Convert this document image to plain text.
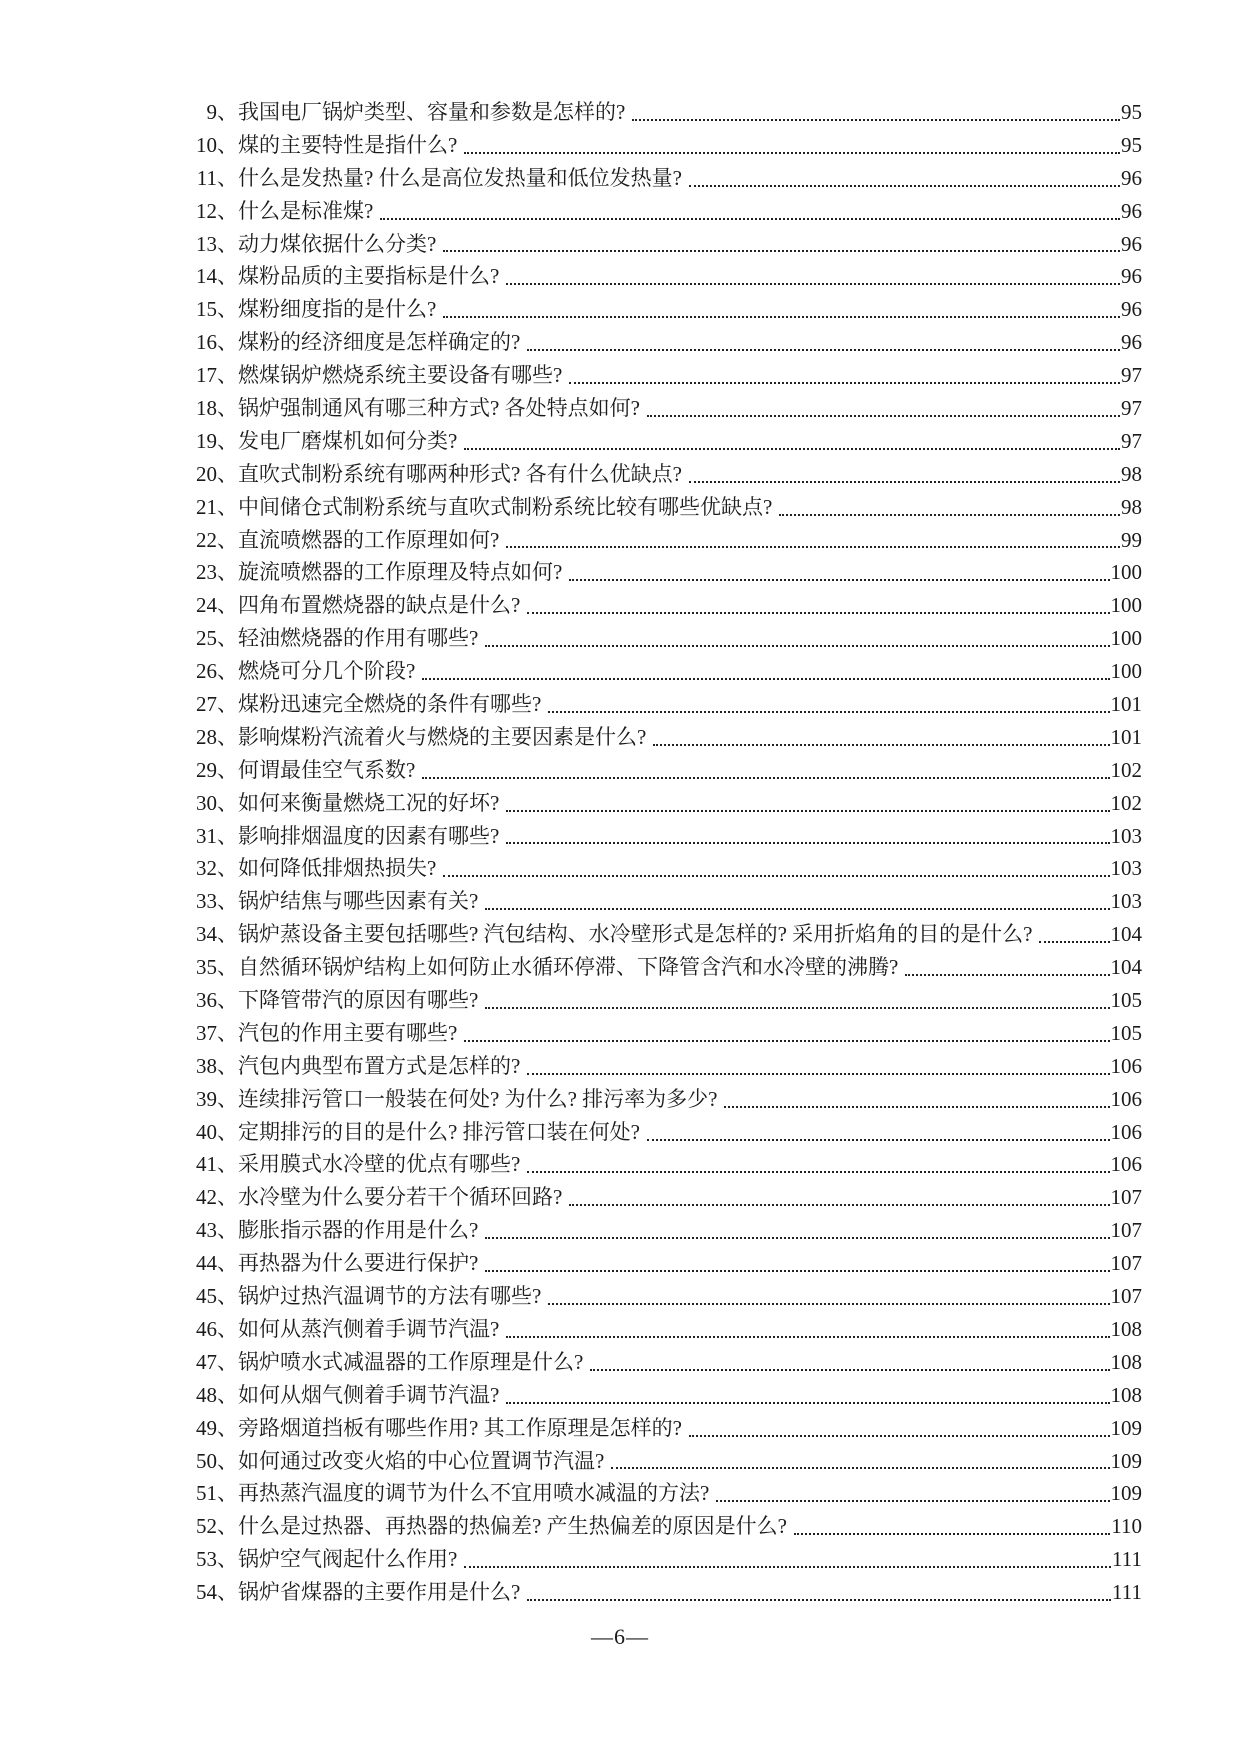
9、 我国电厂锅炉类型、容量和参数是怎样的?	95
10、 煤的主要特性是指什么?	95
11、 什么是发热量? 什么是高位发热量和低位发热量?	96
12、 什么是标准煤?	96
13、 动力煤依据什么分类?	96
14、 煤粉品质的主要指标是什么?	96
15、 煤粉细度指的是什么?	96
16、 煤粉的经济细度是怎样确定的?	96
17、 燃煤锅炉燃烧系统主要设备有哪些?	97
18、 锅炉强制通风有哪三种方式? 各处特点如何?	97
19、 发电厂磨煤机如何分类?	97
20、 直吹式制粉系统有哪两种形式? 各有什么优缺点?	98
21、 中间储仓式制粉系统与直吹式制粉系统比较有哪些优缺点?	98
22、 直流喷燃器的工作原理如何?	99
23、 旋流喷燃器的工作原理及特点如何?	100
24、 四角布置燃烧器的缺点是什么?	100
25、 轻油燃烧器的作用有哪些?	100
26、 燃烧可分几个阶段?	100
27、 煤粉迅速完全燃烧的条件有哪些?	101
28、 影响煤粉汽流着火与燃烧的主要因素是什么?	101
29、 何谓最佳空气系数?	102
30、 如何来衡量燃烧工况的好坏?	102
31、 影响排烟温度的因素有哪些?	103
32、 如何降低排烟热损失?	103
33、 锅炉结焦与哪些因素有关?	103
34、 锅炉蒸设备主要包括哪些? 汽包结构、水冷壁形式是怎样的? 采用折焰角的目的是什么?	104
35、 自然循环锅炉结构上如何防止水循环停滞、下降管含汽和水冷壁的沸腾?	104
36、 下降管带汽的原因有哪些?	105
37、 汽包的作用主要有哪些?	105
38、 汽包内典型布置方式是怎样的?	106
39、 连续排污管口一般装在何处? 为什么? 排污率为多少?	106
40、 定期排污的目的是什么? 排污管口装在何处?	106
41、 采用膜式水冷壁的优点有哪些?	106
42、 水冷壁为什么要分若干个循环回路?	107
43、 膨胀指示器的作用是什么?	107
44、 再热器为什么要进行保护?	107
45、 锅炉过热汽温调节的方法有哪些?	107
46、 如何从蒸汽侧着手调节汽温?	108
47、 锅炉喷水式减温器的工作原理是什么?	108
48、 如何从烟气侧着手调节汽温?	108
49、 旁路烟道挡板有哪些作用? 其工作原理是怎样的?	109
50、 如何通过改变火焰的中心位置调节汽温?	109
51、 再热蒸汽温度的调节为什么不宜用喷水减温的方法?	109
52、 什么是过热器、再热器的热偏差? 产生热偏差的原因是什么?	110
53、 锅炉空气阀起什么作用?	111
54、 锅炉省煤器的主要作用是什么?	111
—6—
